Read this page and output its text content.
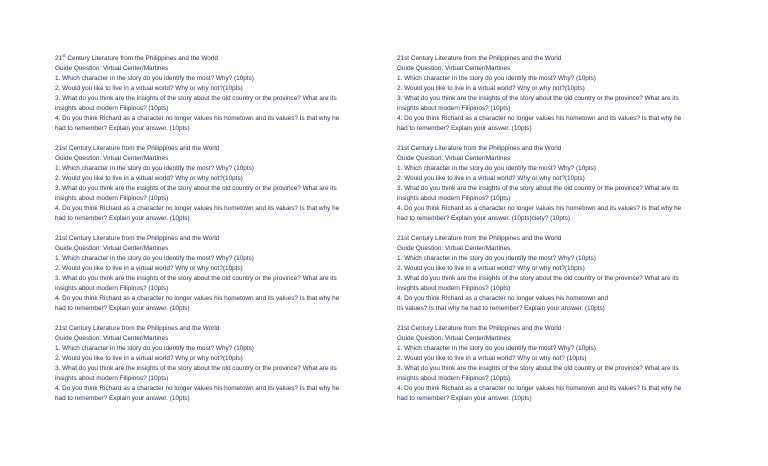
21st Century Literature from the Philippines and the World
Guide Question: Virtual Center/Martines
1. Which character in the story do you identify the most? Why? (10pts)
2. Would you like to live in a virtual world? Why or why not?(10pts)
3. What do you think are the insights of the story about the old country or the province? What are its
insights about modern Filipinos? (10pts)
4. Do you think Richard as a character no longer values his hometown and its values? Is that why he
had to remember? Explain your answer. (10pts)
21st Century Literature from the Philippines and the World
Guide Question: Virtual Center/Martines
1. Which character in the story do you identify the most? Why? (10pts)
2. Would you like to live in a virtual world? Why or why not?(10pts)
3. What do you think are the insights of the story about the old country or the province? What are its
insights about modern Filipinos? (10pts)
4. Do you think Richard as a character no longer values his hometown and its values? Is that why he
had to remember? Explain your answer. (10pts)
21st Century Literature from the Philippines and the World
Guide Question: Virtual Center/Martines
1. Which character in the story do you identify the most? Why? (10pts)
2. Would you like to live in a virtual world? Why or why not?(10pts)
3. What do you think are the insights of the story about the old country or the province? What are its
insights about modern Filipinos? (10pts)
4. Do you think Richard as a character no longer values his hometown and its values? Is that why he
had to remember? Explain your answer. (10pts)
21st Century Literature from the Philippines and the World
Guide Question: Virtual Center/Martines
1. Which character in the story do you identify the most? Why? (10pts)
2. Would you like to live in a virtual world? Why or why not?(10pts)
3. What do you think are the insights of the story about the old country or the province? What are its
insights about modern Filipinos? (10pts)
4. Do you think Richard as a character no longer values his hometown and its values? Is that why he
had to remember? Explain your answer. (10pts)ciety? (10pts)
21st Century Literature from the Philippines and the World
Guide Question: Virtual Center/Martines
1. Which character in the story do you identify the most? Why? (10pts)
2. Would you like to live in a virtual world? Why or why not?(10pts)
3. What do you think are the insights of the story about the old country or the province? What are its
insights about modern Filipinos? (10pts)
4. Do you think Richard as a character no longer values his hometown and its values? Is that why he
had to remember? Explain your answer. (10pts)
21st Century Literature from the Philippines and the World
Guide Question: Virtual Center/Martines
1. Which character in the story do you identify the most? Why? (10pts)
2. Would you like to live in a virtual world? Why or why not?(10pts)
3. What do you think are the insights of the story about the old country or the province? What are its
insights about modern Filipinos? (10pts)
4. Do you think Richard as a character no longer values his hometown and
its values? Is that why he had to remember? Explain your answer. (10pts)
21st Century Literature from the Philippines and the World
Guide Question: Virtual Center/Martines
1. Which character in the story do you identify the most? Why? (10pts)
2. Would you like to live in a virtual world? Why or why not?(10pts)
3. What do you think are the insights of the story about the old country or the province? What are its
insights about modern Filipinos? (10pts)
4. Do you think Richard as a character no longer values his hometown and its values? Is that why he
had to remember? Explain your answer. (10pts)
21st Century Literature from the Philippines and the World
Guide Question: Virtual Center/Martines
1. Which character in the story do you identify the most? Why? (10pts)
2. Would you like to live in a virtual world? Why or why not? (10pts)
3. What do you think are the insights of the story about the old country or the province? What are its
insights about modern Filipinos? (10pts)
4. Do you think Richard as a character no longer values his hometown and its values? Is that why he
had to remember? Explain your answer. (10pts)
